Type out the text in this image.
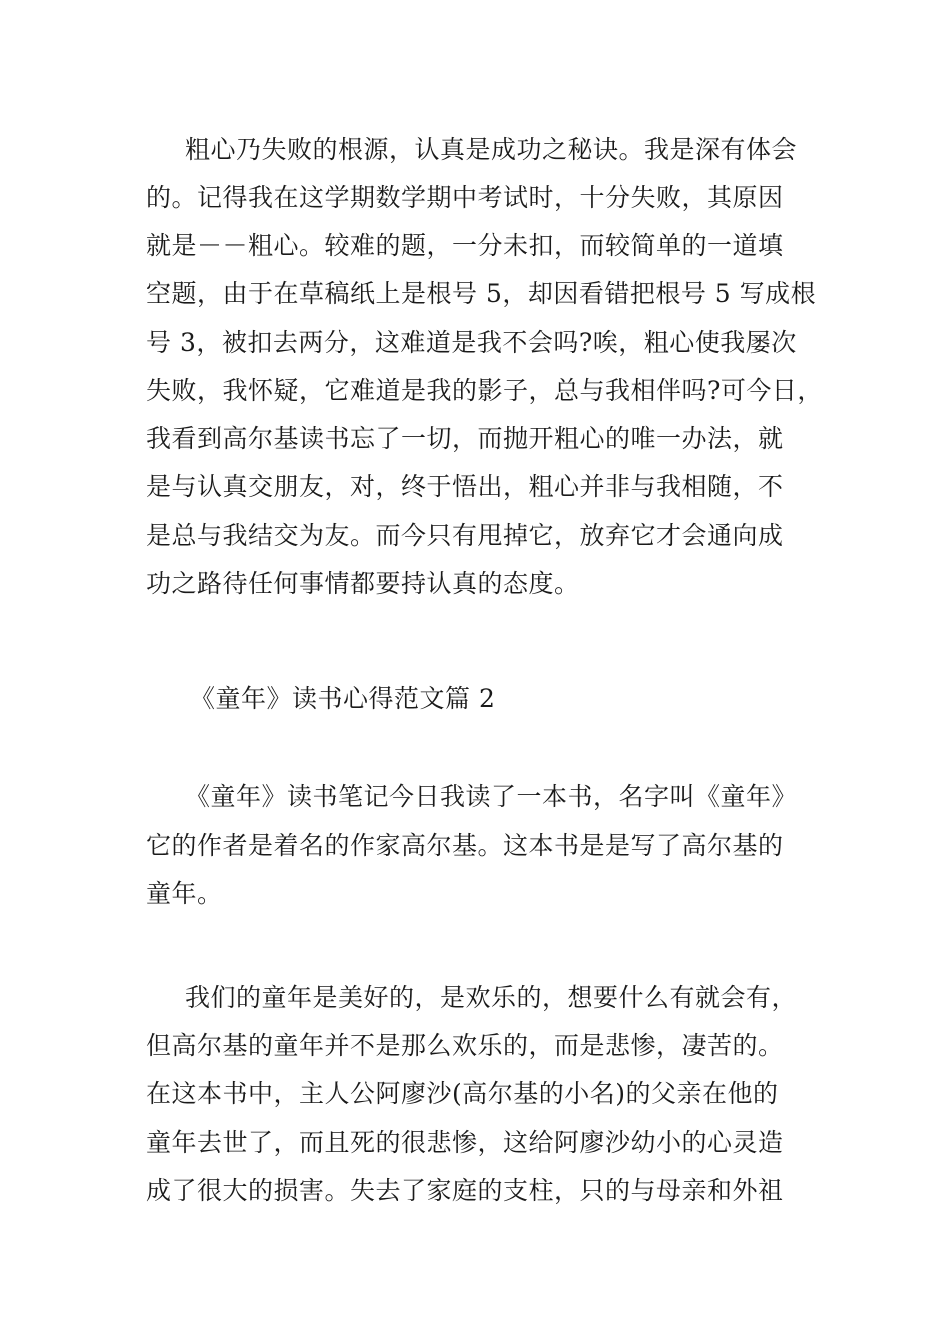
粗心乃失败的根源，认真是成功之秘诀。我是深有体会
的。记得我在这学期数学期中考试时，十分失败，其原因
就是－－粗心。较难的题，一分未扣，而较简单的一道填
空题，由于在草稿纸上是根号 5，却因看错把根号 5 写成根
号 3，被扣去两分，这难道是我不会吗?唉，粗心使我屡次
失败，我怀疑，它难道是我的影子，总与我相伴吗?可今日，
我看到高尔基读书忘了一切，而抛开粗心的唯一办法，就
是与认真交朋友，对，终于悟出，粗心并非与我相随，不
是总与我结交为友。而今只有甩掉它，放弃它才会通向成
功之路待任何事情都要持认真的态度。
《童年》读书心得范文篇 2
《童年》读书笔记今日我读了一本书，名字叫《童年》
它的作者是着名的作家高尔基。这本书是是写了高尔基的
童年。
我们的童年是美好的，是欢乐的，想要什么有就会有，
但高尔基的童年并不是那么欢乐的，而是悲惨，凄苦的。
在这本书中，主人公阿廖沙(高尔基的小名)的父亲在他的
童年去世了，而且死的很悲惨，这给阿廖沙幼小的心灵造
成了很大的损害。失去了家庭的支柱，只的与母亲和外祖
